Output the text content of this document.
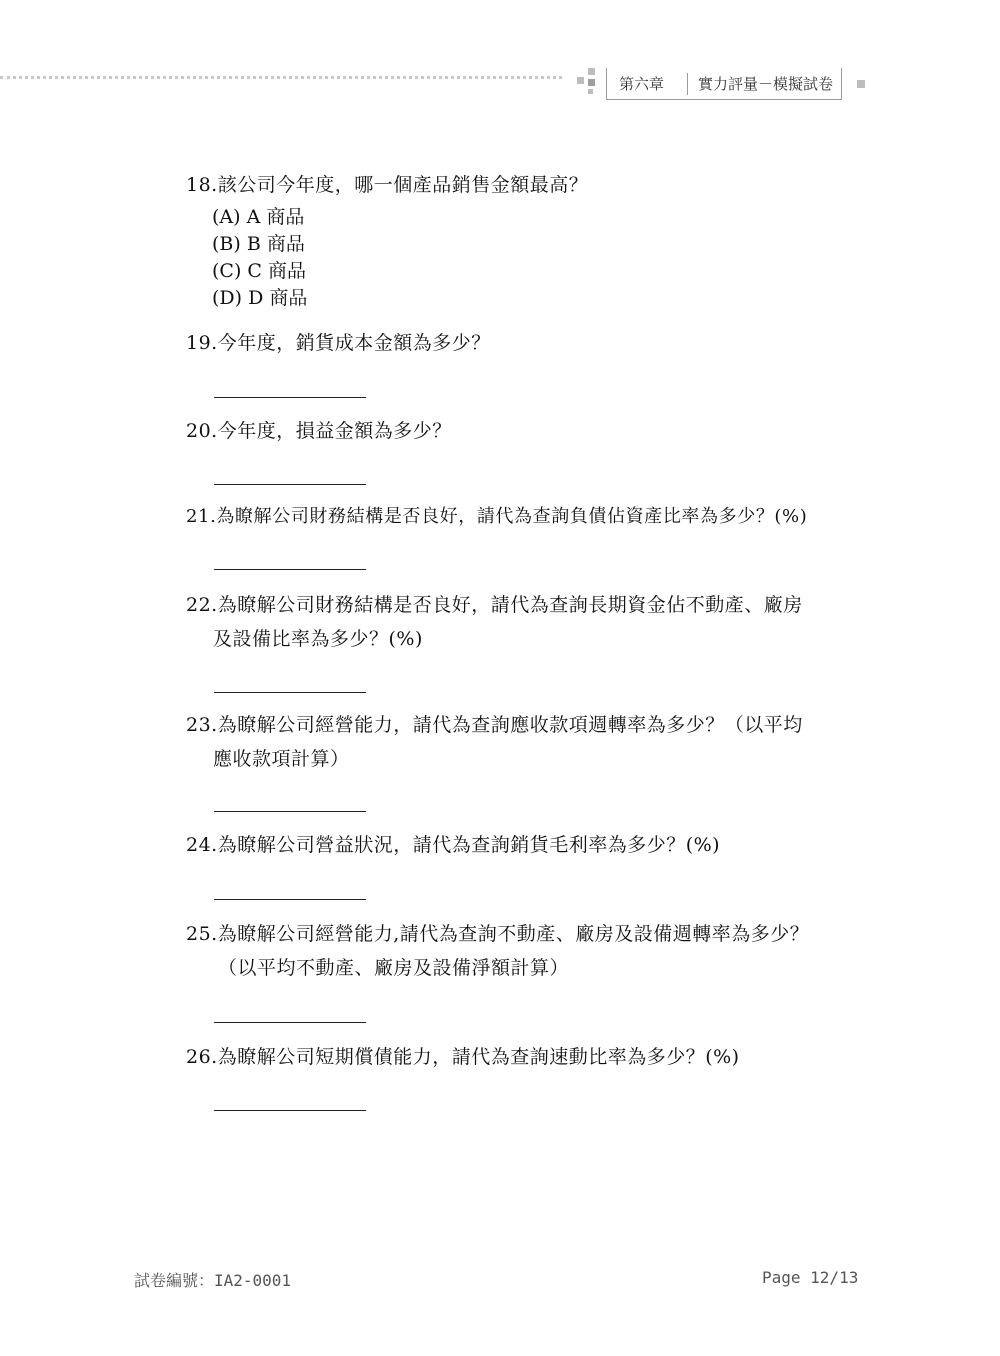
第六章	實力評量－模擬試卷
18.該公司今年度，哪一個產品銷售金額最高？
(A) A 商品
(B) B 商品
(C) C 商品
(D) D 商品
19.今年度，銷貨成本金額為多少？
20.今年度，損益金額為多少？
21.為瞭解公司財務結構是否良好，請代為查詢負債佔資產比率為多少？(%)
22.為瞭解公司財務結構是否良好，請代為查詢長期資金佔不動產、廠房
及設備比率為多少？(%)
23.為瞭解公司經營能力，請代為查詢應收款項週轉率為多少？（以平均
應收款項計算）
24.為瞭解公司營益狀況，請代為查詢銷貨毛利率為多少？(%)
25.為瞭解公司經營能力,請代為查詢不動產、廠房及設備週轉率為多少？
（以平均不動產、廠房及設備淨額計算）
26.為瞭解公司短期償債能力，請代為查詢速動比率為多少？(%)
試卷編號：IA2-0001	Page 12/13
